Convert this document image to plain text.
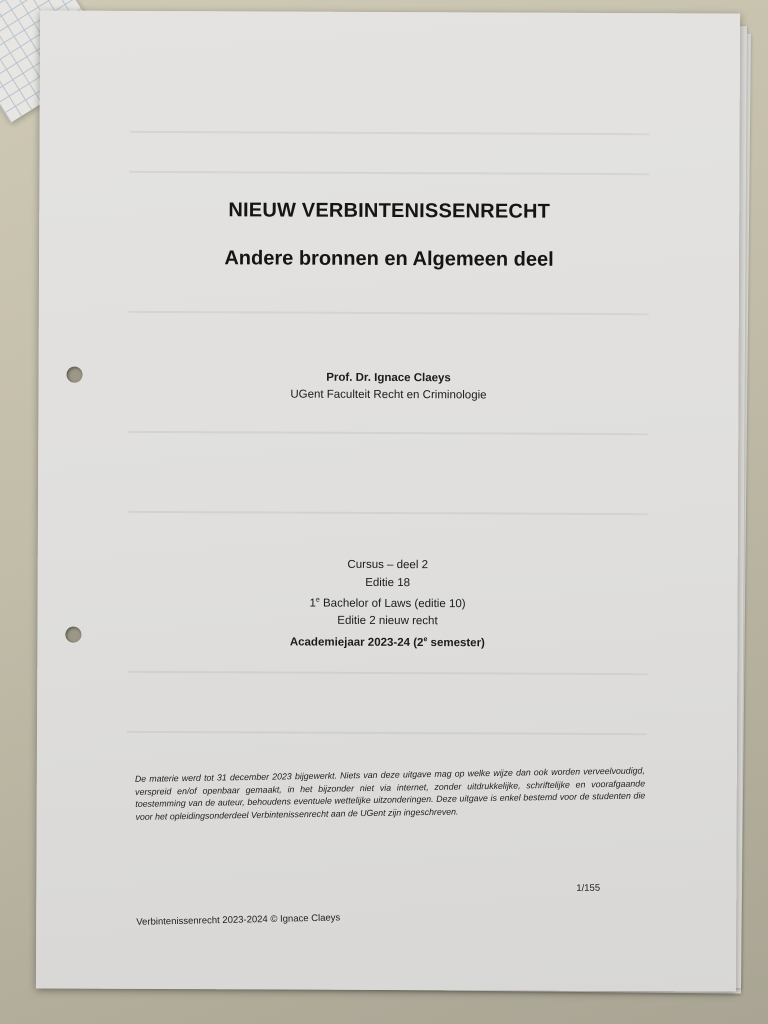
NIEUW VERBINTENISSENRECHT
Andere bronnen en Algemeen deel
Prof. Dr. Ignace Claeys
UGent Faculteit Recht en Criminologie
Cursus – deel 2
Editie 18
1e Bachelor of Laws (editie 10)
Editie 2 nieuw recht
Academiejaar 2023-24 (2e semester)
De materie werd tot 31 december 2023 bijgewerkt. Niets van deze uitgave mag op welke wijze dan ook worden verveelvoudigd, verspreid en/of openbaar gemaakt, in het bijzonder niet via internet, zonder uitdrukkelijke, schriftelijke en voorafgaande toestemming van de auteur, behoudens eventuele wettelijke uitzonderingen. Deze uitgave is enkel bestemd voor de studenten die voor het opleidingsonderdeel Verbintenissenrecht aan de UGent zijn ingeschreven.
1/155
Verbintenissenrecht 2023-2024 © Ignace Claeys
